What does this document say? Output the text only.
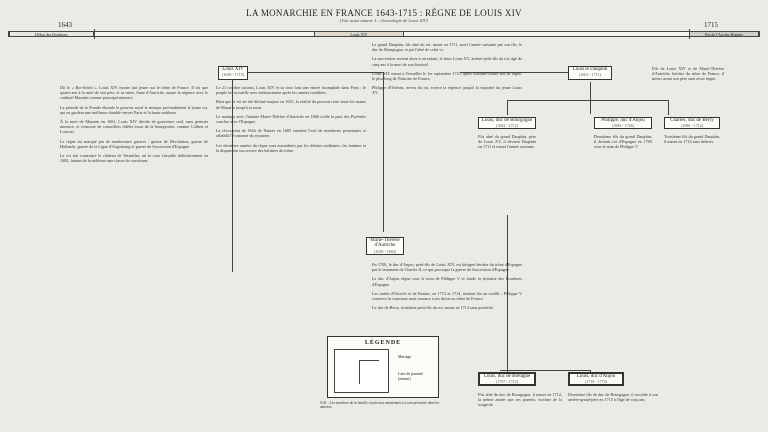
LA MONARCHIE EN FRANCE 1643-1715 : RÈGNE DE LOUIS XIV
(Voir aussi annexe 1 : chronologie de Louis XIV)
1643	1715
Début des Bourbons	Louis XIV	Fin de l'Ancien Régime
Louis XIV
(1638 - 1715)
Marie-Thérèse d'Autriche
(1638 - 1683)
Louis le Dauphin
(1661 - 1711)
Louis, duc de Bourgogne
(1682 - 1712)
Philippe, duc d'Anjou
(1683 - 1746)
Charles, duc de Berry
(1686 - 1714)
Louis, duc de Bretagne
(1707 - 1712)
Louis, duc d'Anjou
(1710 - 1774)

Dit le « Roi-Soleil », Louis XIV monte fort jeune sur le trône de France. Il n'a que quatre ans à la mort de son père, et sa mère, Anne d'Autriche, assure la régence avec le cardinal Mazarin comme principal ministre.

La période de la Fronde ébranle le pouvoir royal et marque profondément le jeune roi, qui en gardera une méfiance durable envers Paris et la haute noblesse.

À la mort de Mazarin en 1661, Louis XIV décide de gouverner seul, sans premier ministre, et s'entoure de conseillers fidèles issus de la bourgeoisie, comme Colbert et Louvois.

Le règne est marqué par de nombreuses guerres : guerre de Dévolution, guerre de Hollande, guerre de la Ligue d'Augsbourg et guerre de Succession d'Espagne.

Le roi fait construire le château de Versailles, où la cour s'installe définitivement en 1682, faisant de la noblesse une classe de courtisans.

Le 21 octobre suivant, Louis XIV et sa cour font une entrée triomphale dans Paris ; le peuple les accueille avec enthousiasme après les années troublées.

Bien que le roi ait été déclaré majeur en 1651, la réalité du pouvoir reste entre les mains de Mazarin jusqu'à sa mort.

Le mariage avec l'infante Marie-Thérèse d'Autriche en 1660 scelle la paix des Pyrénées conclue avec l'Espagne.

La révocation de l'édit de Nantes en 1685 entraîne l'exil de nombreux protestants et affaiblit l'économie du royaume.

Les dernières années du règne sont assombries par les défaites militaires, les famines et la disparition successive des héritiers du trône.

Le grand Dauphin, fils aîné du roi, meurt en 1711, suivi l'année suivante par son fils, le duc de Bourgogne, et par l'aîné de celui-ci.

La succession revient alors à un enfant, le futur Louis XV, arrière-petit-fils du roi, âgé de cinq ans à la mort de son bisaïeul.

Louis XIV meurt à Versailles le 1er septembre 1715, après soixante-douze ans de règne, le plus long de l'histoire de France.

Philippe d'Orléans, neveu du roi, exerce la régence jusqu'à la majorité du jeune Louis XV.

En 1700, le duc d'Anjou, petit-fils de Louis XIV, est désigné héritier du trône d'Espagne par le testament de Charles II, ce qui provoque la guerre de Succession d'Espagne.

Le duc d'Anjou règne sous le nom de Philippe V et fonde la dynastie des Bourbons d'Espagne.

Les traités d'Utrecht et de Rastatt, en 1713 et 1714, mettent fin au conflit ; Philippe V conserve la couronne mais renonce à ses droits au trône de France.

Le duc de Berry, troisième petit-fils du roi, meurt en 1714 sans postérité.

Fils de Louis XIV et de Marie-Thérèse d'Autriche, héritier du trône de France, il meurt avant son père sans avoir régné.

Fils aîné du grand Dauphin, père de Louis XV, il devient Dauphin en 1711 et meurt l'année suivante.

Deuxième fils du grand Dauphin, il devient roi d'Espagne en 1700 sous le nom de Philippe V.

Troisième fils du grand Dauphin, il meurt en 1714 sans héritier.

Fils aîné du duc de Bourgogne, il meurt en 1712, la même année que ses parents, victime de la rougeole.

Deuxième fils du duc de Bourgogne, il succède à son arrière-grand-père en 1715 à l'âge de cinq ans.

LÉGENDE
Mariage
Lien de parenté (enfant)
N.B. : Les membres de la famille royale non mentionnés ici sont présentés dans les annexes.
